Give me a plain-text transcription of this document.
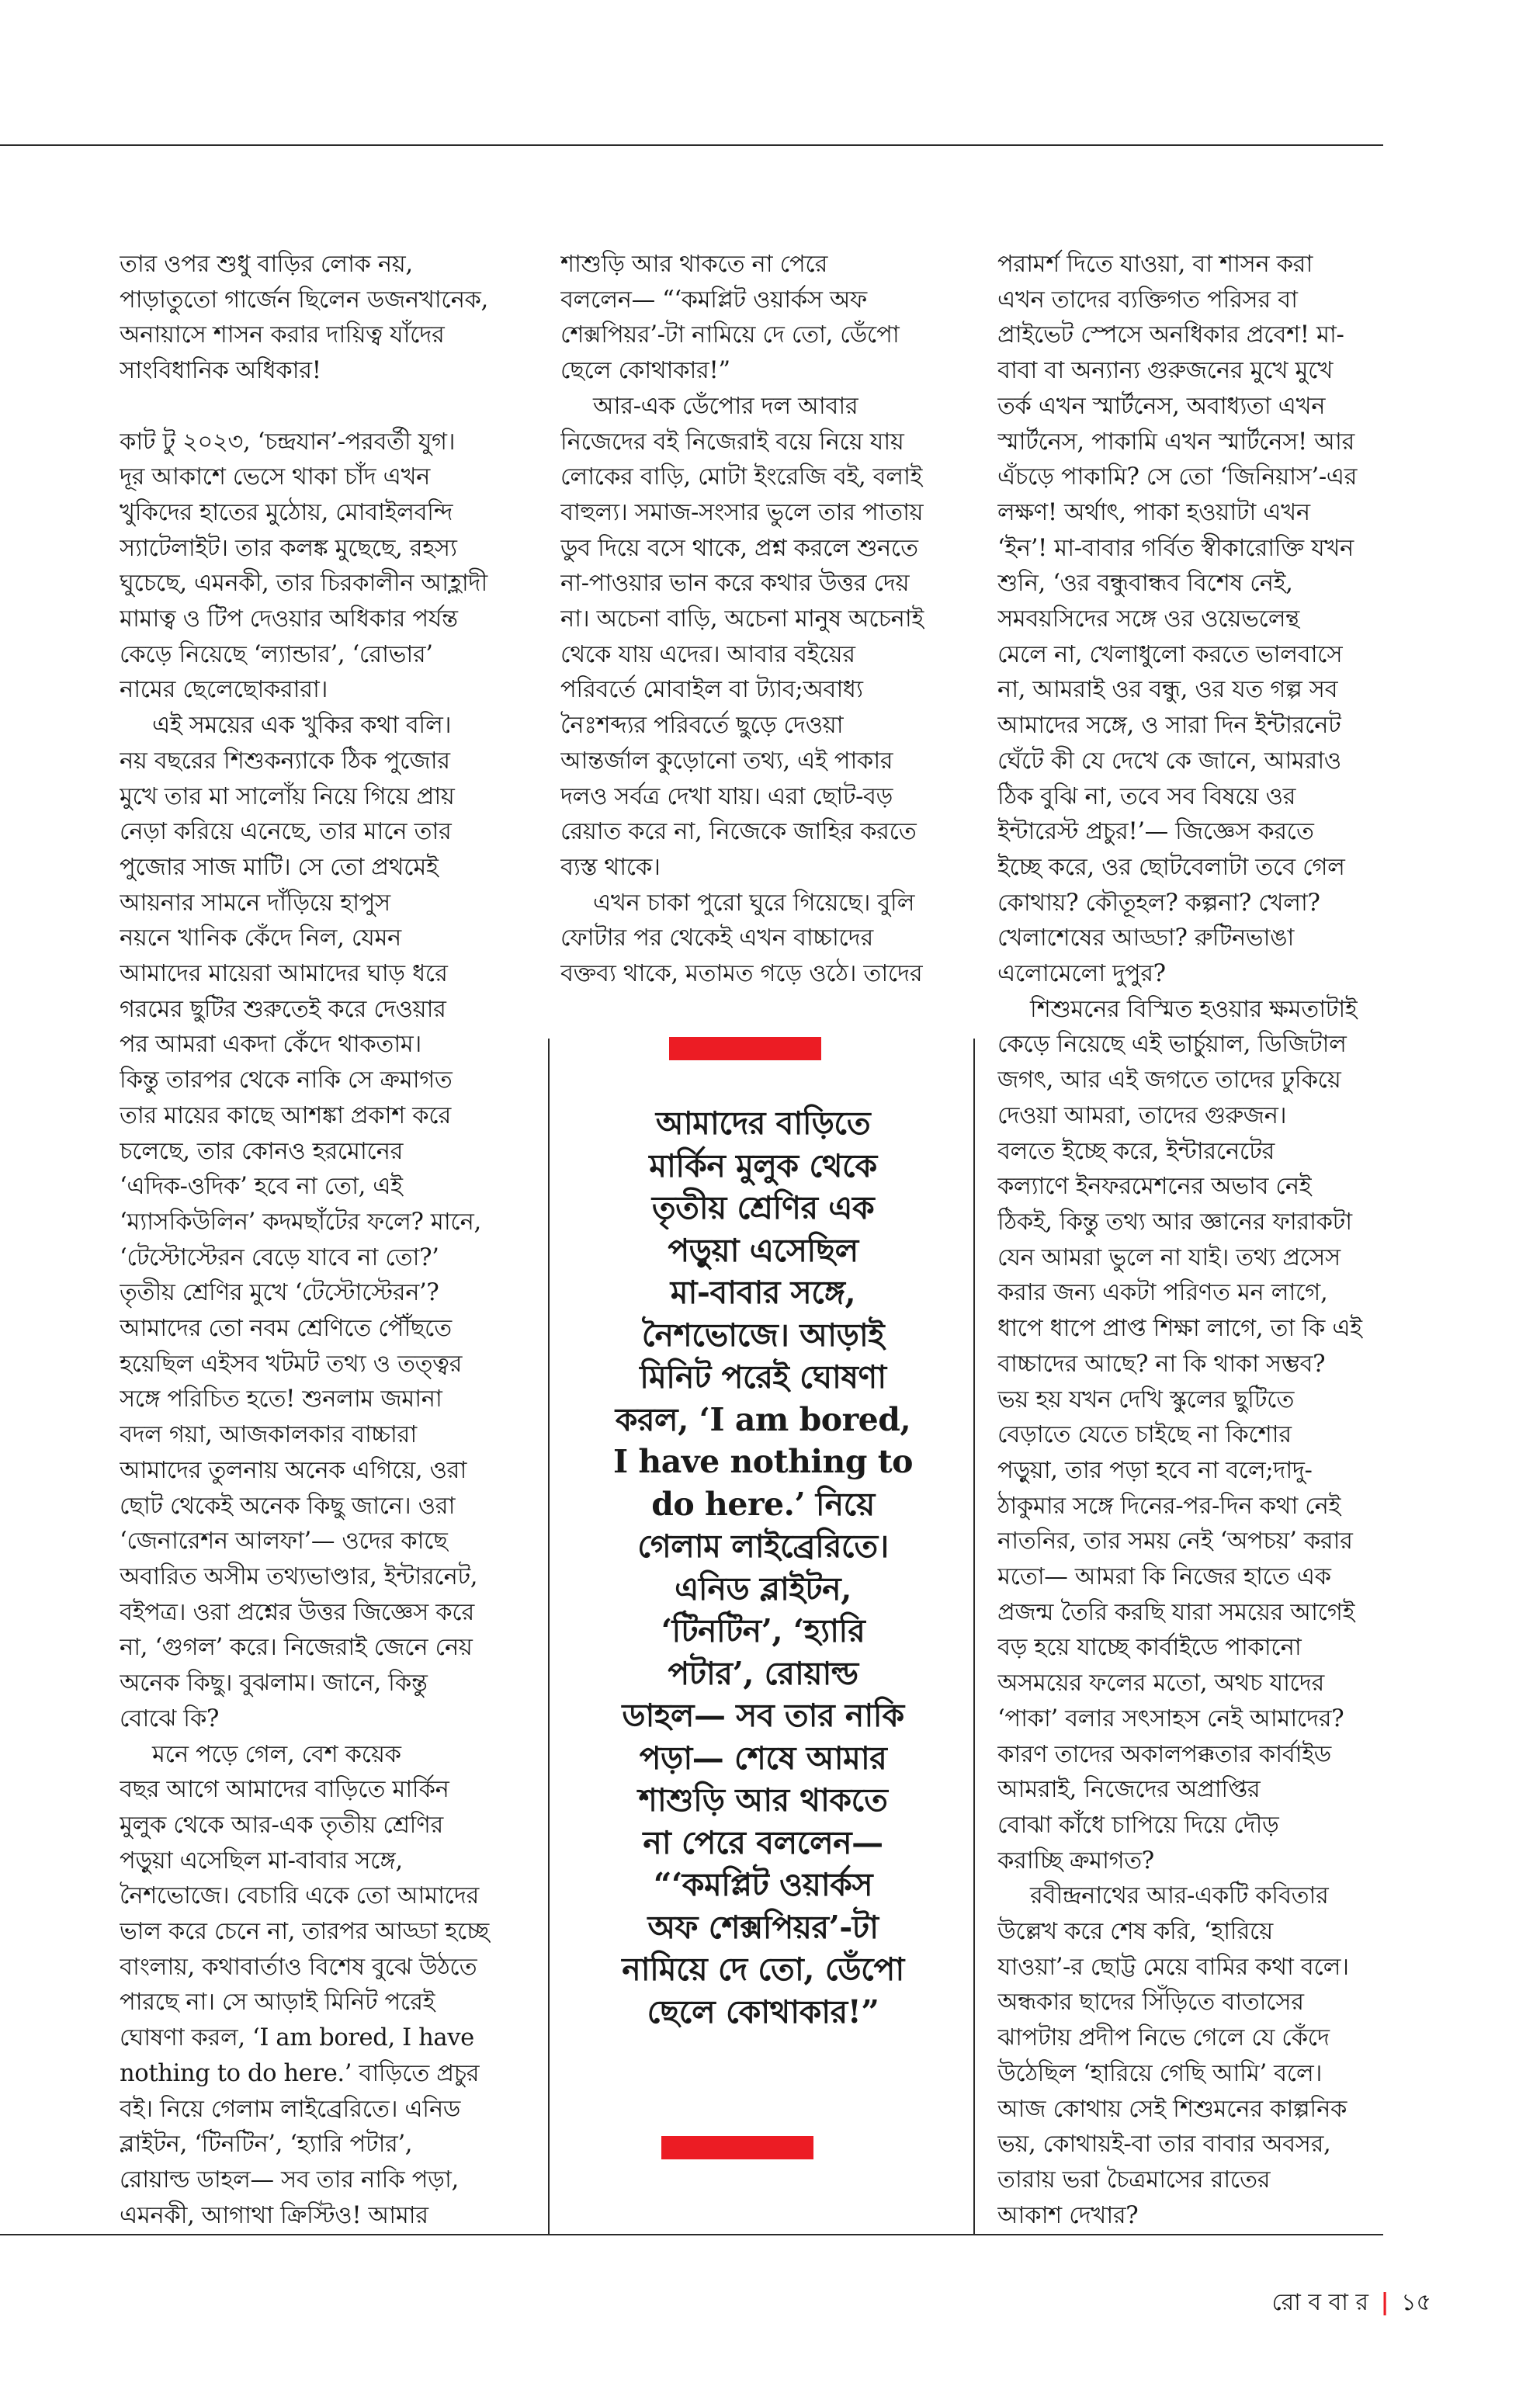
তার ওপর শুধু বাড়ির লোক নয়,

পাড়াতুতো গার্জেন ছিলেন ডজনখানেক,

অনায়াসে শাসন করার দায়িত্ব যাঁদের

সাংবিধানিক অধিকার!

কাট টু ২০২৩, ‘চন্দ্রযান’-পরবর্তী যুগ।

দূর আকাশে ভেসে থাকা চাঁদ এখন

খুকিদের হাতের মুঠোয়, মোবাইলবন্দি

স্যাটেলাইট। তার কলঙ্ক মুছেছে, রহস্য

ঘুচেছে, এমনকী, তার চিরকালীন আহ্লাদী

মামাত্ব ও টিপ দেওয়ার অধিকার পর্যন্ত

কেড়ে নিয়েছে ‘ল্যান্ডার’, ‘রোভার’

নামের ছেলেছোকরারা।

এই সময়ের এক খুকির কথা বলি।

নয় বছরের শিশুকন্যাকে ঠিক পুজোর

মুখে তার মা সালোঁয় নিয়ে গিয়ে প্রায়

নেড়া করিয়ে এনেছে, তার মানে তার

পুজোর সাজ মাটি। সে তো প্রথমেই

আয়নার সামনে দাঁড়িয়ে হাপুস

নয়নে খানিক কেঁদে নিল, যেমন

আমাদের মায়েরা আমাদের ঘাড় ধরে

গরমের ছুটির শুরুতেই করে দেওয়ার

পর আমরা একদা কেঁদে থাকতাম।

কিন্তু তারপর থেকে নাকি সে ক্রমাগত

তার মায়ের কাছে আশঙ্কা প্রকাশ করে

চলেছে, তার কোনও হরমোনের

‘এদিক-ওদিক’ হবে না তো, এই

‘ম্যাসকিউলিন’ কদমছাঁটের ফলে? মানে,

‘টেস্টোস্টেরন বেড়ে যাবে না তো?’

তৃতীয় শ্রেণির মুখে ‘টেস্টোস্টেরন’?

আমাদের তো নবম শ্রেণিতে পৌঁছতে

হয়েছিল এইসব খটমট তথ্য ও তত্ত্বর

সঙ্গে পরিচিত হতে! শুনলাম জমানা

বদল গয়া, আজকালকার বাচ্চারা

আমাদের তুলনায় অনেক এগিয়ে, ওরা

ছোট থেকেই অনেক কিছু জানে। ওরা

‘জেনারেশন আলফা’— ওদের কাছে

অবারিত অসীম তথ্যভাণ্ডার, ইন্টারনেট,

বইপত্র। ওরা প্রশ্নের উত্তর জিজ্ঞেস করে

না, ‘গুগল’ করে। নিজেরাই জেনে নেয়

অনেক কিছু। বুঝলাম। জানে, কিন্তু

বোঝে কি?

মনে পড়ে গেল, বেশ কয়েক

বছর আগে আমাদের বাড়িতে মার্কিন

মুলুক থেকে আর-এক তৃতীয় শ্রেণির

পড়ুয়া এসেছিল মা-বাবার সঙ্গে,

নৈশভোজে। বেচারি একে তো আমাদের

ভাল করে চেনে না, তারপর আড্ডা হচ্ছে

বাংলায়, কথাবার্তাও বিশেষ বুঝে উঠতে

পারছে না। সে আড়াই মিনিট পরেই

ঘোষণা করল, ‘I am bored, I have

nothing to do here.’ বাড়িতে প্রচুর

বই। নিয়ে গেলাম লাইব্রেরিতে। এনিড

ব্লাইটন, ‘টিনটিন’, ‘হ্যারি পটার’,

রোয়াল্ড ডাহল— সব তার নাকি পড়া,

এমনকী, আগাথা ক্রিস্টিও! আমার

শাশুড়ি আর থাকতে না পেরে

বললেন— “‘কমপ্লিট ওয়ার্কস অফ

শেক্সপিয়র’-টা নামিয়ে দে তো, ডেঁপো

ছেলে কোথাকার!”

আর-এক ডেঁপোর দল আবার

নিজেদের বই নিজেরাই বয়ে নিয়ে যায়

লোকের বাড়ি, মোটা ইংরেজি বই, বলাই

বাহুল্য। সমাজ-সংসার ভুলে তার পাতায়

ডুব দিয়ে বসে থাকে, প্রশ্ন করলে শুনতে

না-পাওয়ার ভান করে কথার উত্তর দেয়

না। অচেনা বাড়ি, অচেনা মানুষ অচেনাই

থেকে যায় এদের। আবার বইয়ের

পরিবর্তে মোবাইল বা ট্যাব;অবাধ্য

নৈঃশব্দ্যর পরিবর্তে ছুড়ে দেওয়া

আন্তর্জাল কুড়োনো তথ্য, এই পাকার

দলও সর্বত্র দেখা যায়। এরা ছোট-বড়

রেয়াত করে না, নিজেকে জাহির করতে

ব্যস্ত থাকে।

এখন চাকা পুরো ঘুরে গিয়েছে। বুলি

ফোটার পর থেকেই এখন বাচ্চাদের

বক্তব্য থাকে, মতামত গড়ে ওঠে। তাদের

পরামর্শ দিতে যাওয়া, বা শাসন করা

এখন তাদের ব্যক্তিগত পরিসর বা

প্রাইভেট স্পেসে অনধিকার প্রবেশ! মা-

বাবা বা অন্যান্য গুরুজনের মুখে মুখে

তর্ক এখন স্মার্টনেস, অবাধ্যতা এখন

স্মার্টনেস, পাকামি এখন স্মার্টনেস! আর

এঁচড়ে পাকামি? সে তো ‘জিনিয়াস’-এর

লক্ষণ! অর্থাৎ, পাকা হওয়াটা এখন

‘ইন’! মা-বাবার গর্বিত স্বীকারোক্তি যখন

শুনি, ‘ওর বন্ধুবান্ধব বিশেষ নেই,

সমবয়সিদের সঙ্গে ওর ওয়েভলেন্থ

মেলে না, খেলাধুলো করতে ভালবাসে

না, আমরাই ওর বন্ধু, ওর যত গল্প সব

আমাদের সঙ্গে, ও সারা দিন ইন্টারনেট

ঘেঁটে কী যে দেখে কে জানে, আমরাও

ঠিক বুঝি না, তবে সব বিষয়ে ওর

ইন্টারেস্ট প্রচুর!’— জিজ্ঞেস করতে

ইচ্ছে করে, ওর ছোটবেলাটা তবে গেল

কোথায়? কৌতূহল? কল্পনা? খেলা?

খেলাশেষের আড্ডা? রুটিনভাঙা

এলোমেলো দুপুর?

শিশুমনের বিস্মিত হওয়ার ক্ষমতাটাই

কেড়ে নিয়েছে এই ভার্চুয়াল, ডিজিটাল

জগৎ, আর এই জগতে তাদের ঢুকিয়ে

দেওয়া আমরা, তাদের গুরুজন।

বলতে ইচ্ছে করে, ইন্টারনেটের

কল্যাণে ইনফরমেশনের অভাব নেই

ঠিকই, কিন্তু তথ্য আর জ্ঞানের ফারাকটা

যেন আমরা ভুলে না যাই। তথ্য প্রসেস

করার জন্য একটা পরিণত মন লাগে,

ধাপে ধাপে প্রাপ্ত শিক্ষা লাগে, তা কি এই

বাচ্চাদের আছে? না কি থাকা সম্ভব?

ভয় হয় যখন দেখি স্কুলের ছুটিতে

বেড়াতে যেতে চাইছে না কিশোর

পড়ুয়া, তার পড়া হবে না বলে;দাদু-

ঠাকুমার সঙ্গে দিনের-পর-দিন কথা নেই

নাতনির, তার সময় নেই ‘অপচয়’ করার

মতো— আমরা কি নিজের হাতে এক

প্রজন্ম তৈরি করছি যারা সময়ের আগেই

বড় হয়ে যাচ্ছে কার্বাইডে পাকানো

অসময়ের ফলের মতো, অথচ যাদের

‘পাকা’ বলার সৎসাহস নেই আমাদের?

কারণ তাদের অকালপক্কতার কার্বাইড

আমরাই, নিজেদের অপ্রাপ্তির

বোঝা কাঁধে চাপিয়ে দিয়ে দৌড়

করাচ্ছি ক্রমাগত?

রবীন্দ্রনাথের আর-একটি কবিতার

উল্লেখ করে শেষ করি, ‘হারিয়ে

যাওয়া’-র ছোট্ট মেয়ে বামির কথা বলে।

অন্ধকার ছাদের সিঁড়িতে বাতাসের

ঝাপটায় প্রদীপ নিভে গেলে যে কেঁদে

উঠেছিল ‘হারিয়ে গেছি আমি’ বলে।

আজ কোথায় সেই শিশুমনের কাল্পনিক

ভয়, কোথায়ই-বা তার বাবার অবসর,

তারায় ভরা চৈত্রমাসের রাতের

আকাশ দেখার?

আমাদের বাড়িতে

মার্কিন মুলুক থেকে

তৃতীয় শ্রেণির এক

পড়ুয়া এসেছিল

মা-বাবার সঙ্গে,

নৈশভোজে। আড়াই

মিনিট পরেই ঘোষণা

করল, ‘I am bored,

I have nothing to

do here.’ নিয়ে

গেলাম লাইব্রেরিতে।

এনিড ব্লাইটন,

‘টিনটিন’, ‘হ্যারি

পটার’, রোয়াল্ড

ডাহল— সব তার নাকি

পড়া— শেষে আমার

শাশুড়ি আর থাকতে

না পেরে বললেন—

“‘কমপ্লিট ওয়ার্কস

অফ শেক্সপিয়র’-টা

নামিয়ে দে তো, ডেঁপো

ছেলে কোথাকার!”

রো ব বা র | ১৫
